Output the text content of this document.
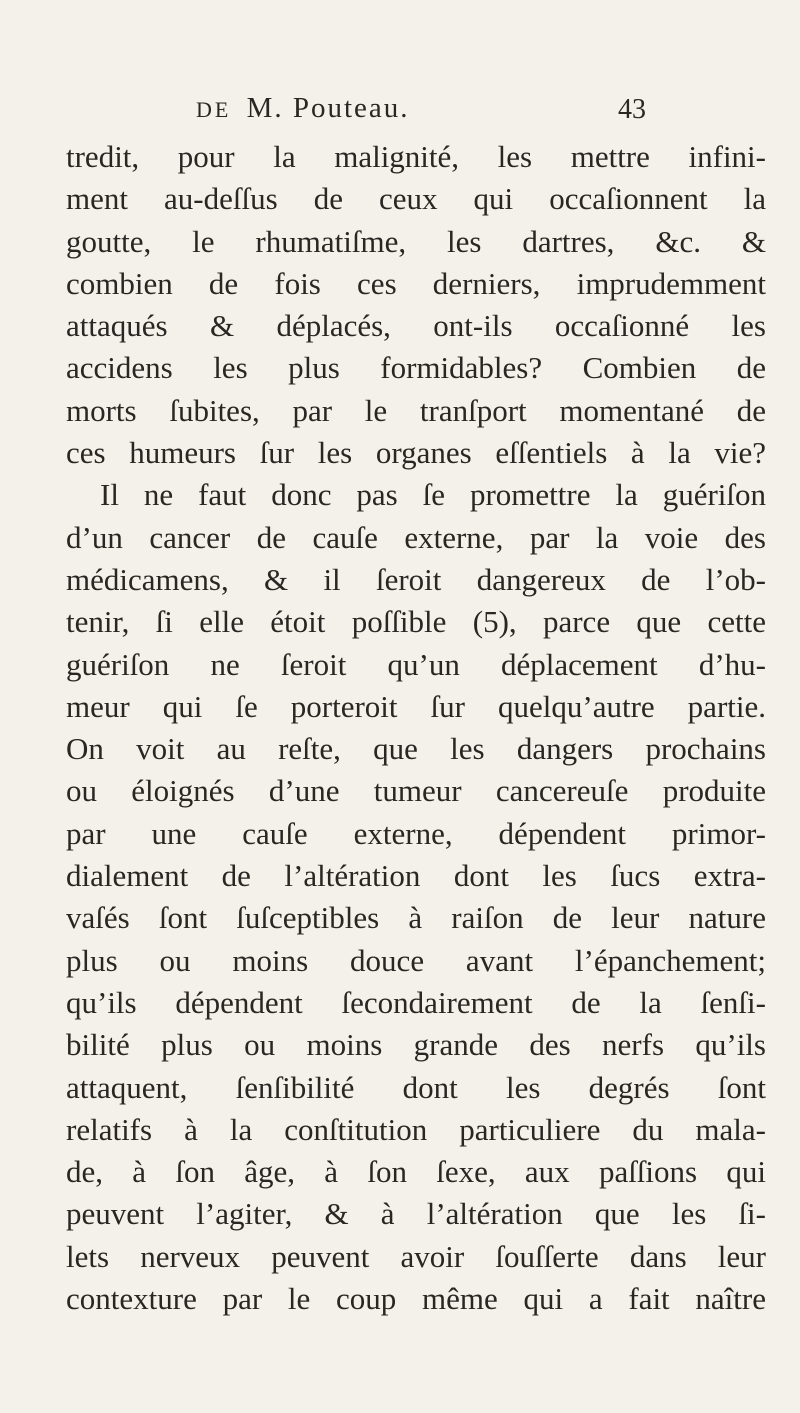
DE M. Pouteau.	43
tredit, pour la malignité, les mettre infini-
ment au-deſſus de ceux qui occaſionnent la
goutte, le rhumatiſme, les dartres, &c. &
combien de fois ces derniers, imprudemment
attaqués & déplacés, ont-ils occaſionné les
accidens les plus formidables? Combien de
morts ſubites, par le tranſport momentané de
ces humeurs ſur les organes eſſentiels à la vie?
Il ne faut donc pas ſe promettre la guériſon
d’un cancer de cauſe externe, par la voie des
médicamens, & il ſeroit dangereux de l’ob-
tenir, ſi elle étoit poſſible (5), parce que cette
guériſon ne ſeroit qu’un déplacement d’hu-
meur qui ſe porteroit ſur quelqu’autre partie.
On voit au reſte, que les dangers prochains
ou éloignés d’une tumeur cancereuſe produite
par une cauſe externe, dépendent primor-
dialement de l’altération dont les ſucs extra-
vaſés ſont ſuſceptibles à raiſon de leur nature
plus ou moins douce avant l’épanchement;
qu’ils dépendent ſecondairement de la ſenſi-
bilité plus ou moins grande des nerfs qu’ils
attaquent, ſenſibilité dont les degrés ſont
relatifs à la conſtitution particuliere du mala-
de, à ſon âge, à ſon ſexe, aux paſſions qui
peuvent l’agiter, & à l’altération que les ſi-
lets nerveux peuvent avoir ſouſſerte dans leur
contexture par le coup même qui a fait naître
